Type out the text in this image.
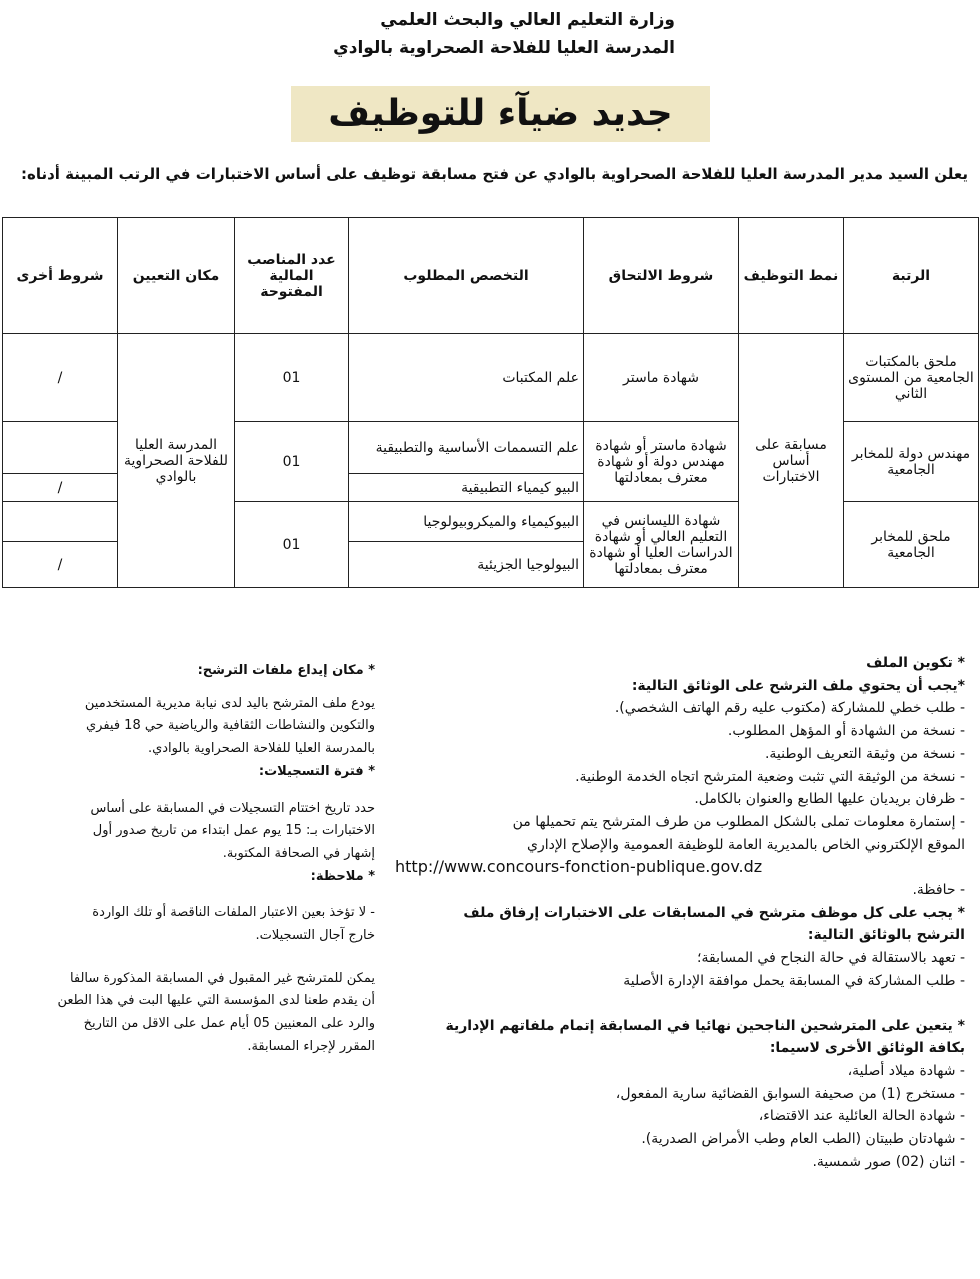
وزارة التعليم العالي والبحث العلمي
المدرسة العليا للفلاحة الصحراوية بالوادي
جديد ضيآء للتوظيف
يعلن السيد مدير المدرسة العليا للفلاحة الصحراوية بالوادي عن فتح مسابقة توظيف على أساس الاختبارات في الرتب المبينة أدناه:
الرتبة	نمط التوظيف	شروط الالتحاق	التخصص المطلوب	عدد المناصب المالية المفتوحة	مكان التعيين	شروط أخرى
ملحق بالمكتبات الجامعية من المستوى الثاني	مسابقة على أساس الاختبارات	شهادة ماستر	علم المكتبات	01	المدرسة العليا للفلاحة الصحراوية بالوادي	/
مهندس دولة للمخابر الجامعية		شهادة ماستر أو شهادة مهندس دولة أو شهادة معترف بمعادلتها	علم التسممات الأساسية والتطبيقية	01		
			البيو كيمياء التطبيقية			/
ملحق للمخابر الجامعية		شهادة الليسانس في التعليم العالي أو شهادة الدراسات العليا أو شهادة معترف بمعادلتها	البيوكيمياء والميكروبيولوجيا	01		
			البيولوجيا الجزيئية			/
* تكوين الملف
*يجب أن يحتوي ملف الترشح على الوثائق التالية:
- طلب خطي للمشاركة (مكتوب عليه رقم الهاتف الشخصي).
- نسخة من الشهادة أو المؤهل المطلوب.
- نسخة من وثيقة التعريف الوطنية.
- نسخة من الوثيقة التي تثبت وضعية المترشح اتجاه الخدمة الوطنية.
- ظرفان بريديان عليها الطابع والعنوان بالكامل.
- إستمارة معلومات تملى بالشكل المطلوب من طرف المترشح يتم تحميلها من
الموقع الإلكتروني الخاص بالمديرية العامة للوظيفة العمومية والإصلاح الإداري
http://www.concours-fonction-publique.gov.dz
- حافظة.
* يجب على كل موظف مترشح في المسابقات على الاختبارات إرفاق ملف
الترشح بالوثائق التالية:
- تعهد بالاستقالة في حالة النجاح في المسابقة؛
- طلب المشاركة في المسابقة يحمل موافقة الإدارة الأصلية
* يتعين على المترشحين الناجحين نهائيا في المسابقة إتمام ملفاتهم الإدارية
بكافة الوثائق الأخرى لاسيما:
- شهادة ميلاد أصلية،
- مستخرج (1) من صحيفة السوابق القضائية سارية المفعول،
- شهادة الحالة العائلية عند الاقتضاء،
- شهادتان طبيتان (الطب العام وطب الأمراض الصدرية).
- اثنان (02) صور شمسية.
* مكان إيداع ملفات الترشح:
يودع ملف المترشح باليد لدى نيابة مديرية المستخدمين
والتكوين والنشاطات الثقافية والرياضية حي 18 فيفري
بالمدرسة العليا للفلاحة الصحراوية بالوادي.
* فترة التسجيلات:
حدد تاريخ اختتام التسجيلات في المسابقة على أساس
الاختبارات بـ: 15 يوم عمل ابتداء من تاريخ صدور أول
إشهار في الصحافة المكتوبة.
* ملاحظة:
- لا تؤخذ بعين الاعتبار الملفات الناقصة أو تلك الواردة
خارج آجال التسجيلات.
يمكن للمترشح غير المقبول في المسابقة المذكورة سالفا
أن يقدم طعنا لدى المؤسسة التي عليها البت في هذا الطعن
والرد على المعنيين 05 أيام عمل على الاقل من التاريخ
المقرر لإجراء المسابقة.
